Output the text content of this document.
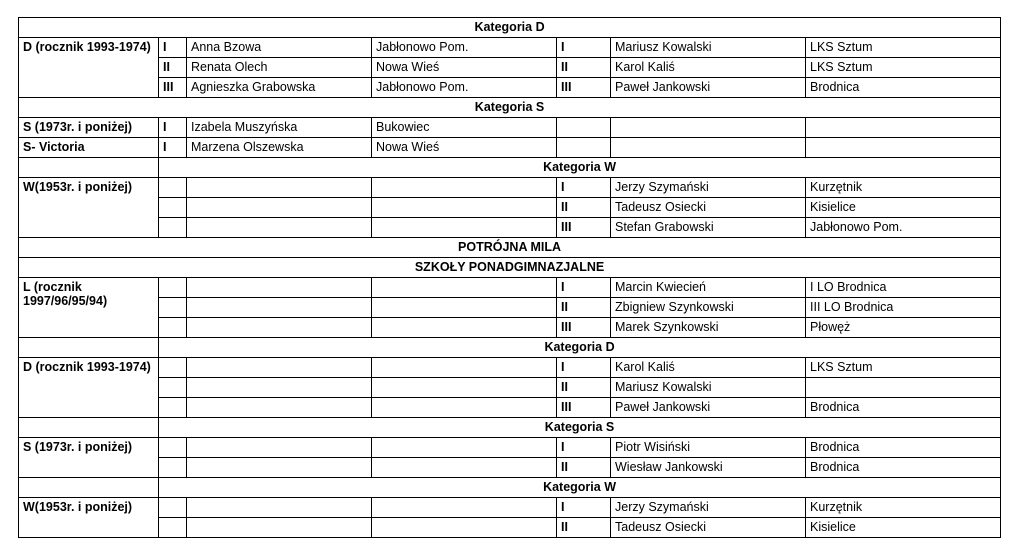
Kategoria D						
D (rocznik 1993-1974)	I	Anna Bzowa	Jabłonowo Pom.	I	Mariusz Kowalski	LKS Sztum
	II	Renata Olech	Nowa Wieś	II	Karol Kaliś	LKS Sztum
	III	Agnieszka Grabowska	Jabłonowo Pom.	III	Paweł Jankowski	Brodnica
Kategoria S						
S (1973r. i poniżej)	I	Izabela Muszyńska	Bukowiec			
S- Victoria	I	Marzena Olszewska	Nowa Wieś			
	Kategoria W					
W(1953r. i poniżej)				I	Jerzy Szymański	Kurzętnik
				II	Tadeusz Osiecki	Kisielice
				III	Stefan Grabowski	Jabłonowo Pom.
POTRÓJNA MILA						
SZKOŁY PONADGIMNAZJALNE						
L (rocznik 1997/96/95/94)				I	Marcin Kwiecień	I LO Brodnica
				II	Zbigniew Szynkowski	III LO Brodnica
				III	Marek Szynkowski	Płowęż
	Kategoria D					
D (rocznik 1993-1974)				I	Karol Kaliś	LKS Sztum
				II	Mariusz Kowalski	
				III	Paweł Jankowski	Brodnica
	Kategoria S					
S (1973r. i poniżej)				I	Piotr Wisiński	Brodnica
				II	Wiesław Jankowski	Brodnica
	Kategoria W					
W(1953r. i poniżej)				I	Jerzy Szymański	Kurzętnik
				II	Tadeusz Osiecki	Kisielice
